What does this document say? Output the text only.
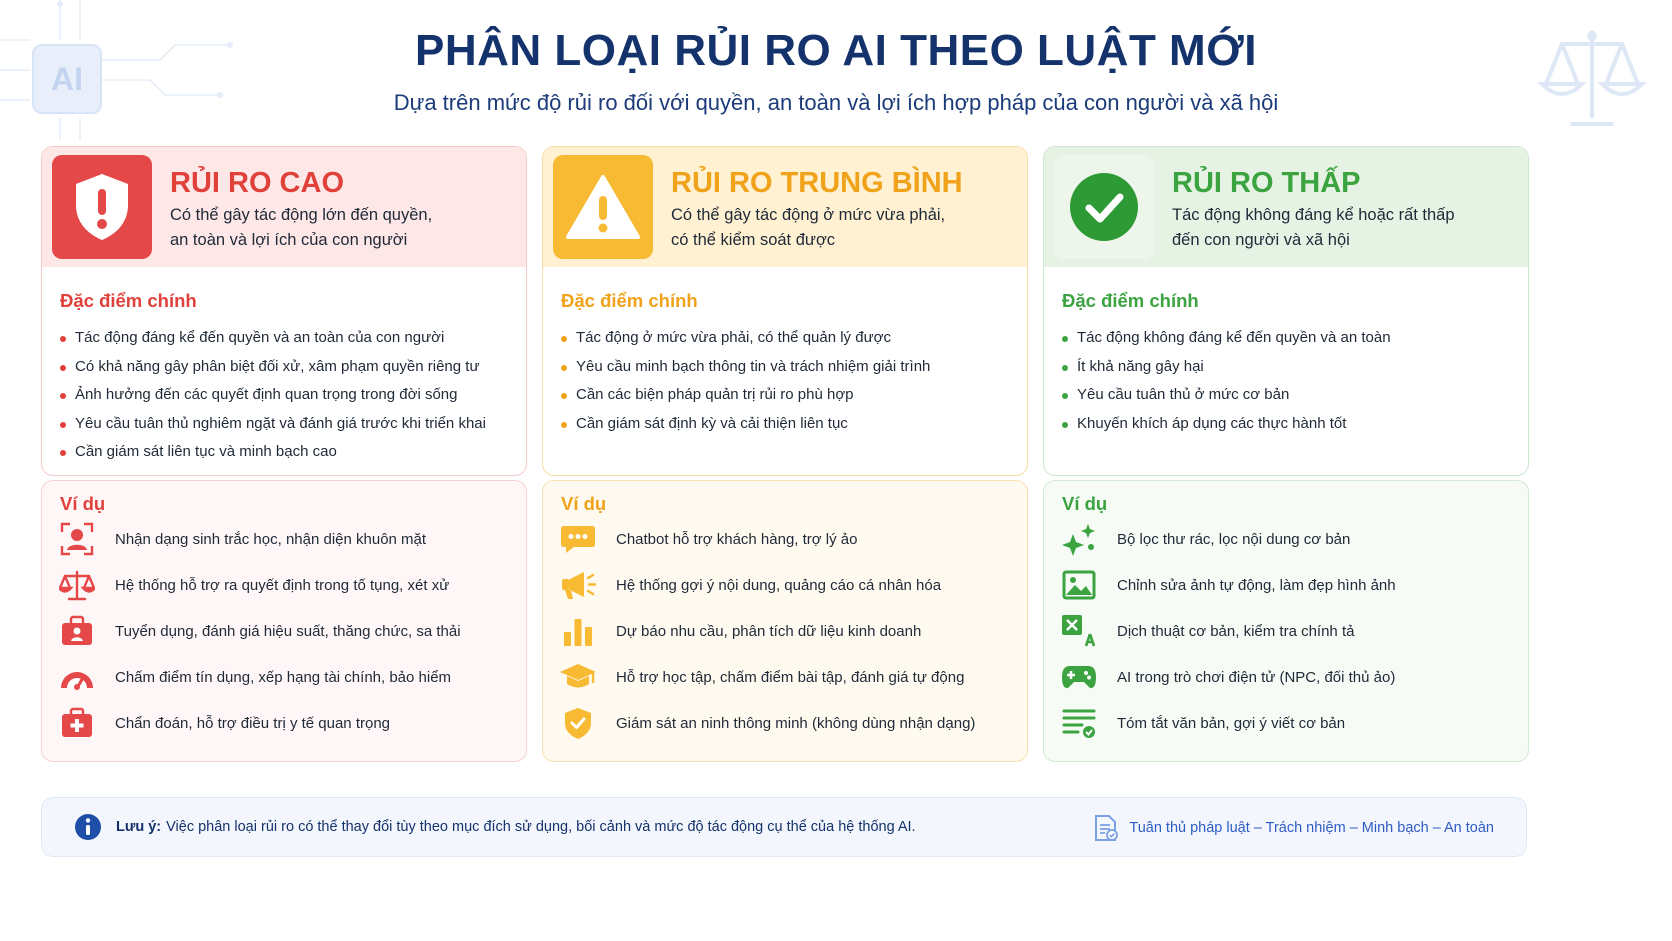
AI
PHÂN LOẠI RỦI RO AI THEO LUẬT MỚI
Dựa trên mức độ rủi ro đối với quyền, an toàn và lợi ích hợp pháp của con người và xã hội
RỦI RO CAO
Có thể gây tác động lớn đến quyền,
an toàn và lợi ích của con người
Đặc điểm chính
Tác động đáng kể đến quyền và an toàn của con người
Có khả năng gây phân biệt đối xử, xâm phạm quyền riêng tư
Ảnh hưởng đến các quyết định quan trọng trong đời sống
Yêu cầu tuân thủ nghiêm ngặt và đánh giá trước khi triển khai
Cần giám sát liên tục và minh bạch cao
Ví dụ
Nhận dạng sinh trắc học, nhận diện khuôn mặt
Hệ thống hỗ trợ ra quyết định trong tố tụng, xét xử
Tuyển dụng, đánh giá hiệu suất, thăng chức, sa thải
Chấm điểm tín dụng, xếp hạng tài chính, bảo hiểm
Chẩn đoán, hỗ trợ điều trị y tế quan trọng
RỦI RO TRUNG BÌNH
Có thể gây tác động ở mức vừa phải,
có thể kiểm soát được
Đặc điểm chính
Tác động ở mức vừa phải, có thể quản lý được
Yêu cầu minh bạch thông tin và trách nhiệm giải trình
Cần các biện pháp quản trị rủi ro phù hợp
Cần giám sát định kỳ và cải thiện liên tục
Ví dụ
Chatbot hỗ trợ khách hàng, trợ lý ảo
Hệ thống gợi ý nội dung, quảng cáo cá nhân hóa
Dự báo nhu cầu, phân tích dữ liệu kinh doanh
Hỗ trợ học tập, chấm điểm bài tập, đánh giá tự động
Giám sát an ninh thông minh (không dùng nhận dạng)
RỦI RO THẤP
Tác động không đáng kể hoặc rất thấp
đến con người và xã hội
Đặc điểm chính
Tác động không đáng kể đến quyền và an toàn
Ít khả năng gây hại
Yêu cầu tuân thủ ở mức cơ bản
Khuyến khích áp dụng các thực hành tốt
Ví dụ
Bộ lọc thư rác, lọc nội dung cơ bản
Chỉnh sửa ảnh tự động, làm đẹp hình ảnh
Dịch thuật cơ bản, kiểm tra chính tả
AI trong trò chơi điện tử (NPC, đối thủ ảo)
Tóm tắt văn bản, gợi ý viết cơ bản
Lưu ý: Việc phân loại rủi ro có thể thay đổi tùy theo mục đích sử dụng, bối cảnh và mức độ tác động cụ thể của hệ thống AI.	Tuân thủ pháp luật – Trách nhiệm – Minh bạch – An toàn
